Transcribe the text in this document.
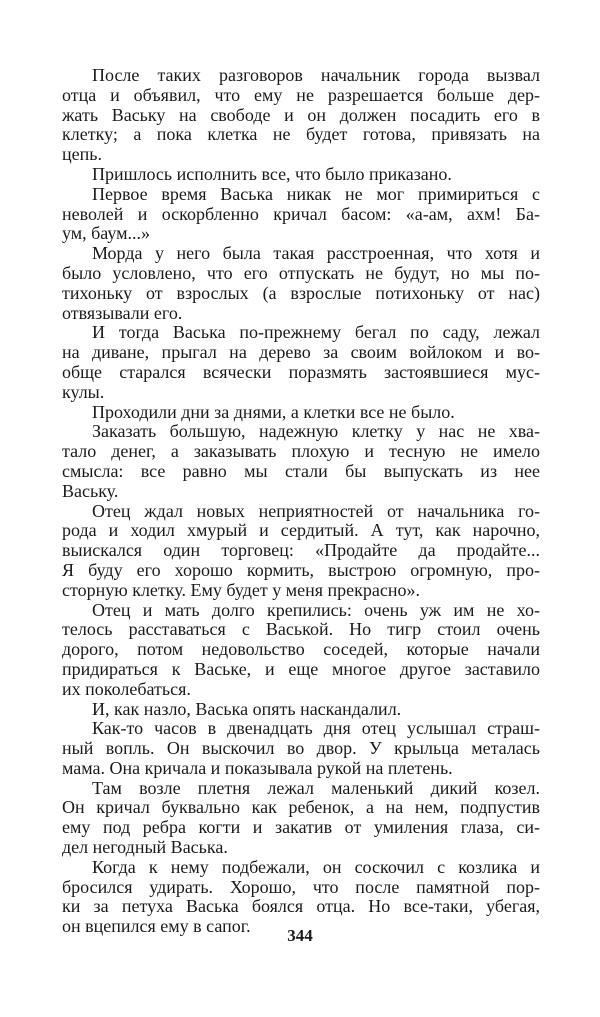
После таких разговоров начальник города вызвал
отца и объявил, что ему не разрешается больше дер-
жать Ваську на свободе и он должен посадить его в
клетку; а пока клетка не будет готова, привязать на
цепь.
Пришлось исполнить все, что было приказано.
Первое время Васька никак не мог примириться с
неволей и оскорбленно кричал басом: «а-ам, ахм! Ба-
ум, баум...»
Морда у него была такая расстроенная, что хотя и
было условлено, что его отпускать не будут, но мы по-
тихоньку от взрослых (а взрослые потихоньку от нас)
отвязывали его.
И тогда Васька по-прежнему бегал по саду, лежал
на диване, прыгал на дерево за своим войлоком и во-
обще старался всячески поразмять застоявшиеся мус-
кулы.
Проходили дни за днями, а клетки все не было.
Заказать большую, надежную клетку у нас не хва-
тало денег, а заказывать плохую и тесную не имело
смысла: все равно мы стали бы выпускать из нее
Ваську.
Отец ждал новых неприятностей от начальника го-
рода и ходил хмурый и сердитый. А тут, как нарочно,
выискался один торговец: «Продайте да продайте...
Я буду его хорошо кормить, выстрою огромную, про-
сторную клетку. Ему будет у меня прекрасно».
Отец и мать долго крепились: очень уж им не хо-
телось расставаться с Васькой. Но тигр стоил очень
дорого, потом недовольство соседей, которые начали
придираться к Ваське, и еще многое другое заставило
их поколебаться.
И, как назло, Васька опять наскандалил.
Как-то часов в двенадцать дня отец услышал страш-
ный вопль. Он выскочил во двор. У крыльца металась
мама. Она кричала и показывала рукой на плетень.
Там возле плетня лежал маленький дикий козел.
Он кричал буквально как ребенок, а на нем, подпустив
ему под ребра когти и закатив от умиления глаза, си-
дел негодный Васька.
Когда к нему подбежали, он соскочил с козлика и
бросился удирать. Хорошо, что после памятной пор-
ки за петуха Васька боялся отца. Но все-таки, убегая,
он вцепился ему в сапог.	344
